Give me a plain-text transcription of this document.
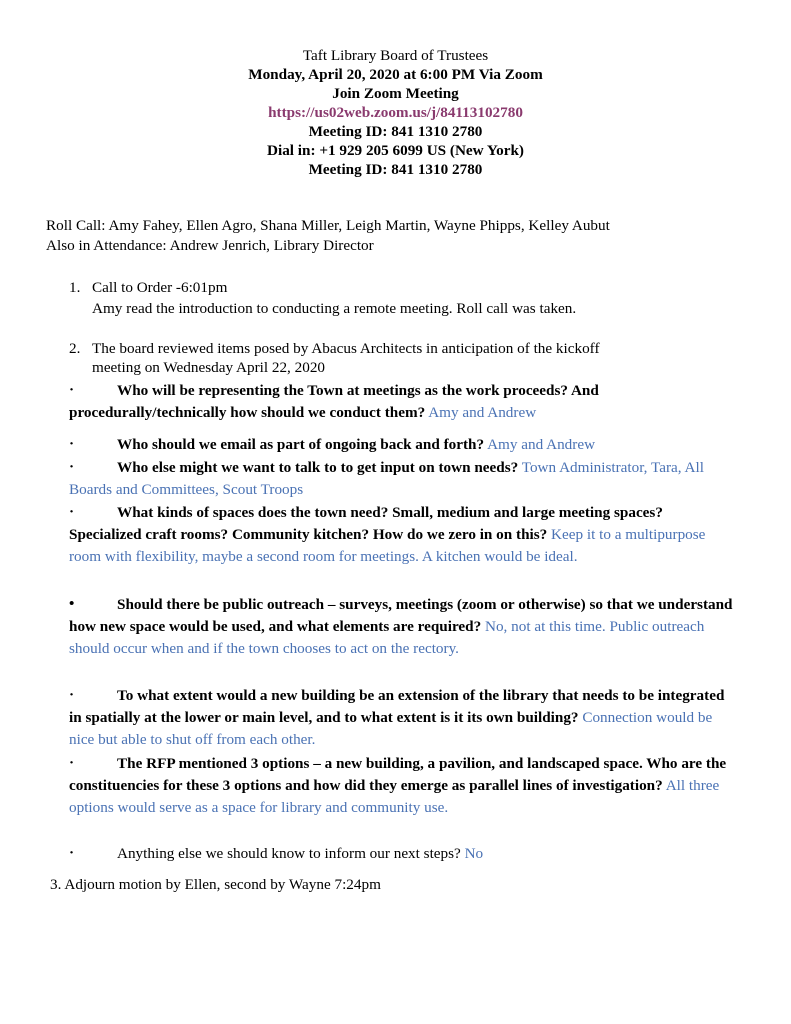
Taft Library Board of Trustees
Monday, April 20, 2020 at 6:00 PM Via Zoom
Join Zoom Meeting
https://us02web.zoom.us/j/84113102780
Meeting ID: 841 1310 2780
Dial in: +1 929 205 6099 US (New York)
Meeting ID: 841 1310 2780
Roll Call: Amy Fahey, Ellen Agro, Shana Miller, Leigh Martin, Wayne Phipps, Kelley Aubut
Also in Attendance: Andrew Jenrich, Library Director
1. Call to Order -6:01pm
Amy read the introduction to conducting a remote meeting. Roll call was taken.
2. The board reviewed items posed by Abacus Architects in anticipation of the kickoff
meeting on Wednesday April 22, 2020
·	Who will be representing the Town at meetings as the work proceeds? And procedurally/technically how should we conduct them? Amy and Andrew
·	Who should we email as part of ongoing back and forth? Amy and Andrew
·	Who else might we want to talk to to get input on town needs? Town Administrator, Tara, All Boards and Committees, Scout Troops
·	What kinds of spaces does the town need? Small, medium and large meeting spaces? Specialized craft rooms? Community kitchen? How do we zero in on this? Keep it to a multipurpose room with flexibility, maybe a second room for meetings. A kitchen would be ideal.
•	Should there be public outreach – surveys, meetings (zoom or otherwise) so that we understand how new space would be used, and what elements are required? No, not at this time. Public outreach should occur when and if the town chooses to act on the rectory.
·	To what extent would a new building be an extension of the library that needs to be integrated in spatially at the lower or main level, and to what extent is it its own building? Connection would be nice but able to shut off from each other.
·	The RFP mentioned 3 options – a new building, a pavilion, and landscaped space. Who are the constituencies for these 3 options and how did they emerge as parallel lines of investigation? All three options would serve as a space for library and community use.
·	Anything else we should know to inform our next steps? No
3. Adjourn motion by Ellen, second by Wayne 7:24pm
